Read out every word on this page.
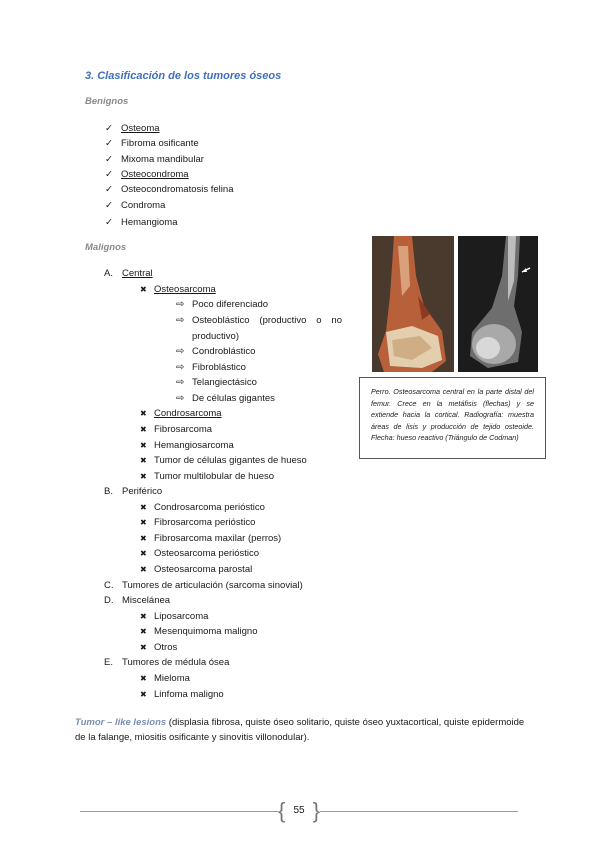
3. Clasificación de los tumores óseos
Benignos
✓ Osteoma
✓ Fibroma osificante
✓ Mixoma mandibular
✓ Osteocondroma
✓ Osteocondromatosis felina
✓ Condroma
✓ Hemangioma
Malignos
A. Central
✖ Osteosarcoma
⇨ Poco diferenciado
⇨ Osteoblástico (productivo o no productivo)
⇨ Condroblástico
⇨ Fibroblástico
⇨ Telangiectásico
⇨ De células gigantes
✖ Condrosarcoma
✖ Fibrosarcoma
✖ Hemangiosarcoma
✖ Tumor de células gigantes de hueso
✖ Tumor multilobular de hueso
B. Periférico
✖ Condrosarcoma perióstico
✖ Fibrosarcoma perióstico
✖ Fibrosarcoma maxilar (perros)
✖ Osteosarcoma perióstico
✖ Osteosarcoma parostal
C. Tumores de articulación (sarcoma sinovial)
D. Miscelánea
✖ Liposarcoma
✖ Mesenquimoma maligno
✖ Otros
E. Tumores de médula ósea
✖ Mieloma
✖ Linfoma maligno
Perro. Osteosarcoma central en la parte distal del femur. Crece en la metáfisis (flechas) y se extiende hacia la cortical. Radiografía: muestra áreas de lisis y producción de tejido osteoide. Flecha: hueso reactivo (Triángulo de Codman)
Tumor – like lesions (displasia fibrosa, quiste óseo solitario, quiste óseo yuxtacortical, quiste epidermoide de la falange, miositis osificante y sinovitis villonodular).
{ 55 }
